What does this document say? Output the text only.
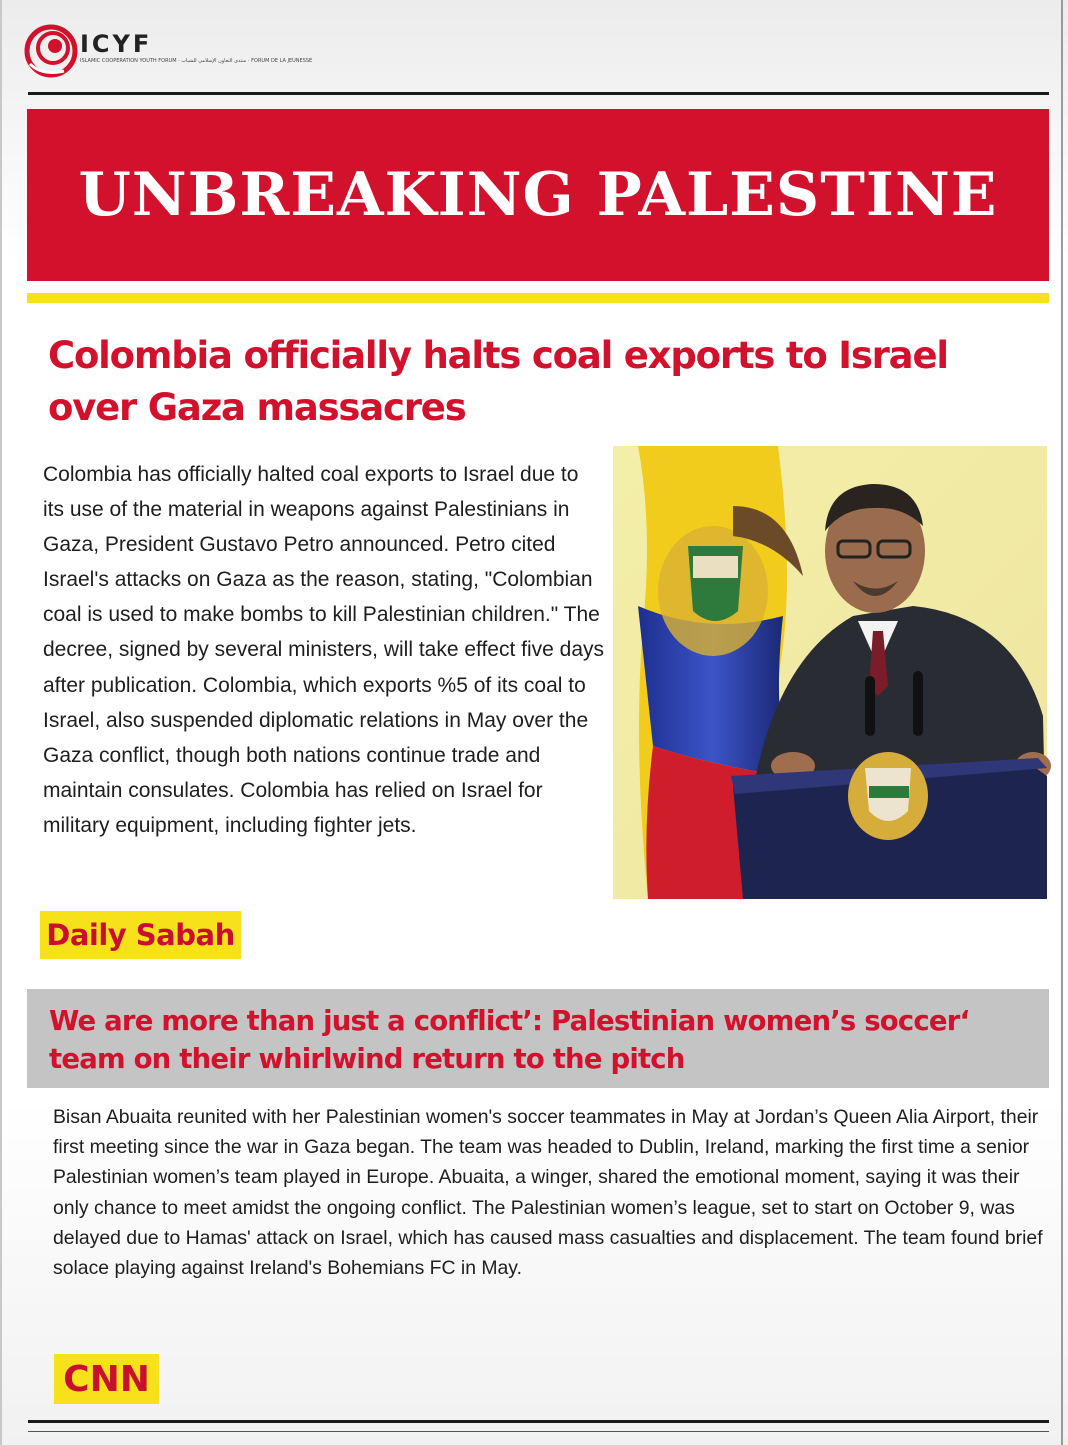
ICYF
ISLAMIC COOPERATION YOUTH FORUM · منتدى التعاون الإسلامي للشباب · FORUM DE LA JEUNESSE
UNBREAKING PALESTINE
Colombia officially halts coal exports to Israel over Gaza massacres

Colombia has officially halted coal exports to Israel due to its use of the material in weapons against Palestinians in Gaza, President Gustavo Petro announced. Petro cited Israel's attacks on Gaza as the reason, stating, "Colombian coal is used to make bombs to kill Palestinian children." The decree, signed by several ministers, will take effect five days after publication. Colombia, which exports %5 of its coal to Israel, also suspended diplomatic relations in May over the Gaza conflict, though both nations continue trade and maintain consulates. Colombia has relied on Israel for military equipment, including fighter jets.

Daily Sabah
We are more than just a conflict’: Palestinian women’s soccer‘ team on their whirlwind return to the pitch

Bisan Abuaita reunited with her Palestinian women's soccer teammates in May at Jordan’s Queen Alia Airport, their first meeting since the war in Gaza began. The team was headed to Dublin, Ireland, marking the first time a senior Palestinian women’s team played in Europe. Abuaita, a winger, shared the emotional moment, saying it was their only chance to meet amidst the ongoing conflict. The Palestinian women’s league, set to start on October 9, was delayed due to Hamas' attack on Israel, which has caused mass casualties and displacement. The team found brief solace playing against Ireland's Bohemians FC in May.

CNN
